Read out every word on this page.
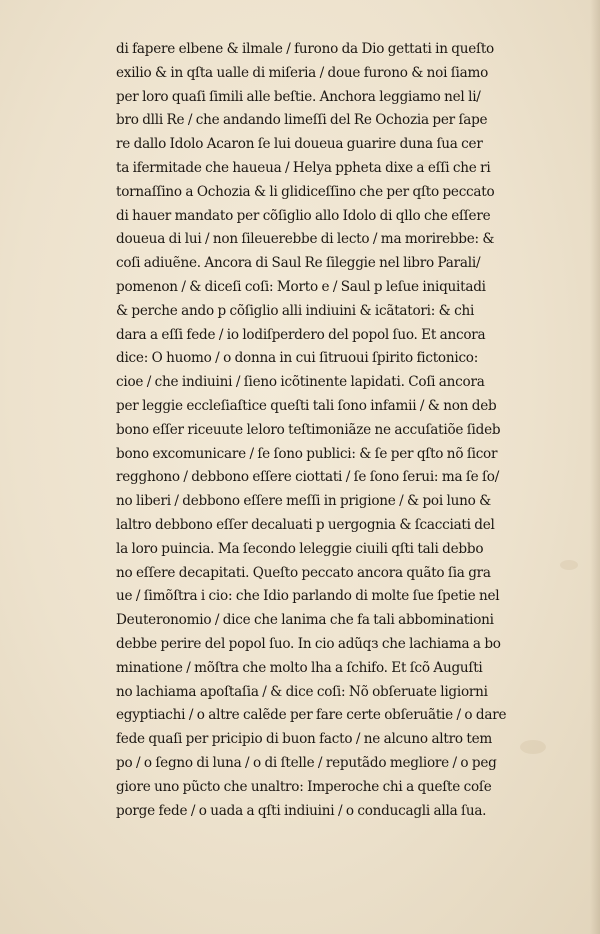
di fapere elbene & ilmale / furono da Dio gettati in queſto
exilio & in qſta ualle di miſeria / doue furono & noi ſiamo
per loro quaſi ſimili alle beſtie. Anchora leggiamo nel li/
bro dlli Re / che andando limeſſi del Re Ochozia per ſape
re dallo Idolo Acaron ſe lui doueua guarire duna ſua cer
ta ifermitade che haueua / Helya pphetа dixe a eſſi che ri
tornaſſino a Ochozia & li glidiceſſino che per qſto peccato
di hauer mandato per cõſiglio allo Idolo di qllo che eſſere
doueua di lui / non ſileuerebbe di lecto / ma morirebbe: &
coſi adiuẽne. Ancora di Saul Re ſileggie nel libro Parali/
pomenon / & diceſi coſi: Morto e / Saul p leſue iniquitadi
& perche ando p cõſiglio alli indiuini & icãtatori: & chi
dara a eſſi fede / io lodiſperdero del popol ſuo. Et ancora
dice: O huomo / o donna in cui ſitruoui ſpirito fictonico:
cioe / che indiuini / ſieno icõtinente lapidati. Coſi ancora
per leggie eccleſiaſtice queſti tali ſono infamii / & non deb
bono eſſer riceuute leloro teſtimoniãze ne accuſatiõe ſideb
bono excomunicare / ſe ſono publici: & ſe per qſto nõ ſicor
regghono / debbono eſſere ciottati / ſe ſono ſerui: ma ſe ſo/
no liberi / debbono eſſere meſſi in prigione / & poi luno &
laltro debbono eſſer decaluati p uergognia & ſcacciati del
la loro puincia. Ma ſecondo leleggie ciuili qſti tali debbo
no eſſere decapitati. Queſto peccato ancora quãto ſia gra
ue / ſimõſtra i cio: che Idio parlando di molte ſue ſpetie nel
Deuteronomio / dice che lanima che fa tali abbominationi
debbe perire del popol ſuo. In cio adũqз che lachiama a bo
minatione / mõſtra che molto lha a ſchifo. Et ſcõ Auguſti
no lachiama apoſtaſia / & dice coſi: Nõ obſeruate ligiorni
egyptiachi / o altre calẽde per fare certe obſeruãtie / o dare
fede quaſi per pricipio di buon facto / ne alcuno altro tem
po / o ſegno di luna / o di ſtelle / reputãdo megliore / o peg
giore uno pũcto che unaltro: Imperoche chi a queſte coſe
porge fede / o uada a qſti indiuini / o conducagli alla ſua.
